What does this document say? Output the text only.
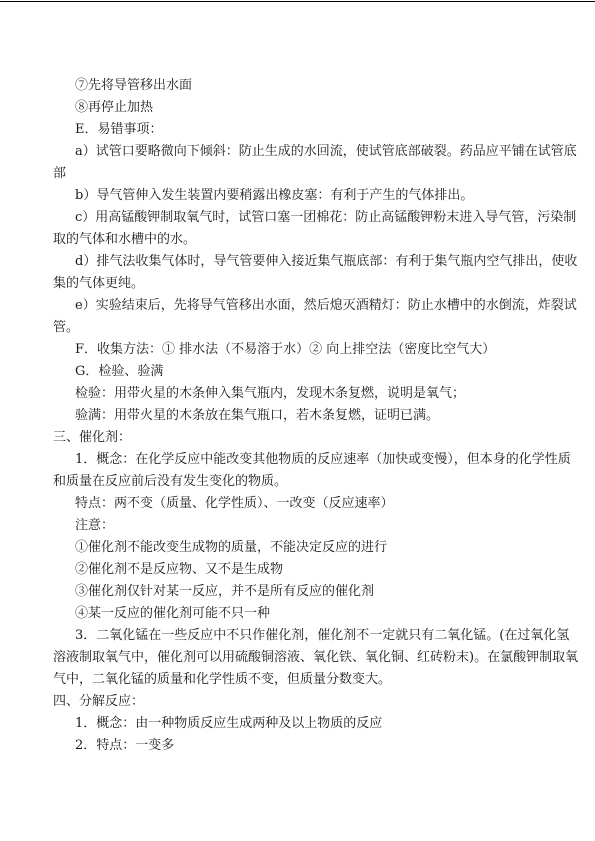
⑦先将导管移出水面
⑧再停止加热
E．易错事项：
a）试管口要略微向下倾斜：防止生成的水回流，使试管底部破裂。药品应平铺在试管底
部
b）导气管伸入发生装置内要稍露出橡皮塞：有利于产生的气体排出。
c）用高锰酸钾制取氧气时，试管口塞一团棉花：防止高锰酸钾粉末进入导气管，污染制
取的气体和水槽中的水。
d）排气法收集气体时，导气管要伸入接近集气瓶底部：有利于集气瓶内空气排出，使收
集的气体更纯。
e）实验结束后，先将导气管移出水面，然后熄灭酒精灯：防止水槽中的水倒流，炸裂试
管。
F．收集方法：① 排水法（不易溶于水）② 向上排空法（密度比空气大）
G．检验、验满
检验：用带火星的木条伸入集气瓶内，发现木条复燃，说明是氧气；
验满：用带火星的木条放在集气瓶口，若木条复燃，证明已满。
三、催化剂：
1．概念：在化学反应中能改变其他物质的反应速率（加快或变慢），但本身的化学性质
和质量在反应前后没有发生变化的物质。
特点：两不变（质量、化学性质）、一改变（反应速率）
注意：
①催化剂不能改变生成物的质量，不能决定反应的进行
②催化剂不是反应物、又不是生成物
③催化剂仅针对某一反应，并不是所有反应的催化剂
④某一反应的催化剂可能不只一种
3．二氧化锰在一些反应中不只作催化剂，催化剂不一定就只有二氧化锰。(在过氧化氢
溶液制取氧气中，催化剂可以用硫酸铜溶液、氧化铁、氧化铜、红砖粉末)。在氯酸钾制取氧
气中，二氧化锰的质量和化学性质不变，但质量分数变大。
四、分解反应：
1．概念：由一种物质反应生成两种及以上物质的反应
2．特点：一变多
